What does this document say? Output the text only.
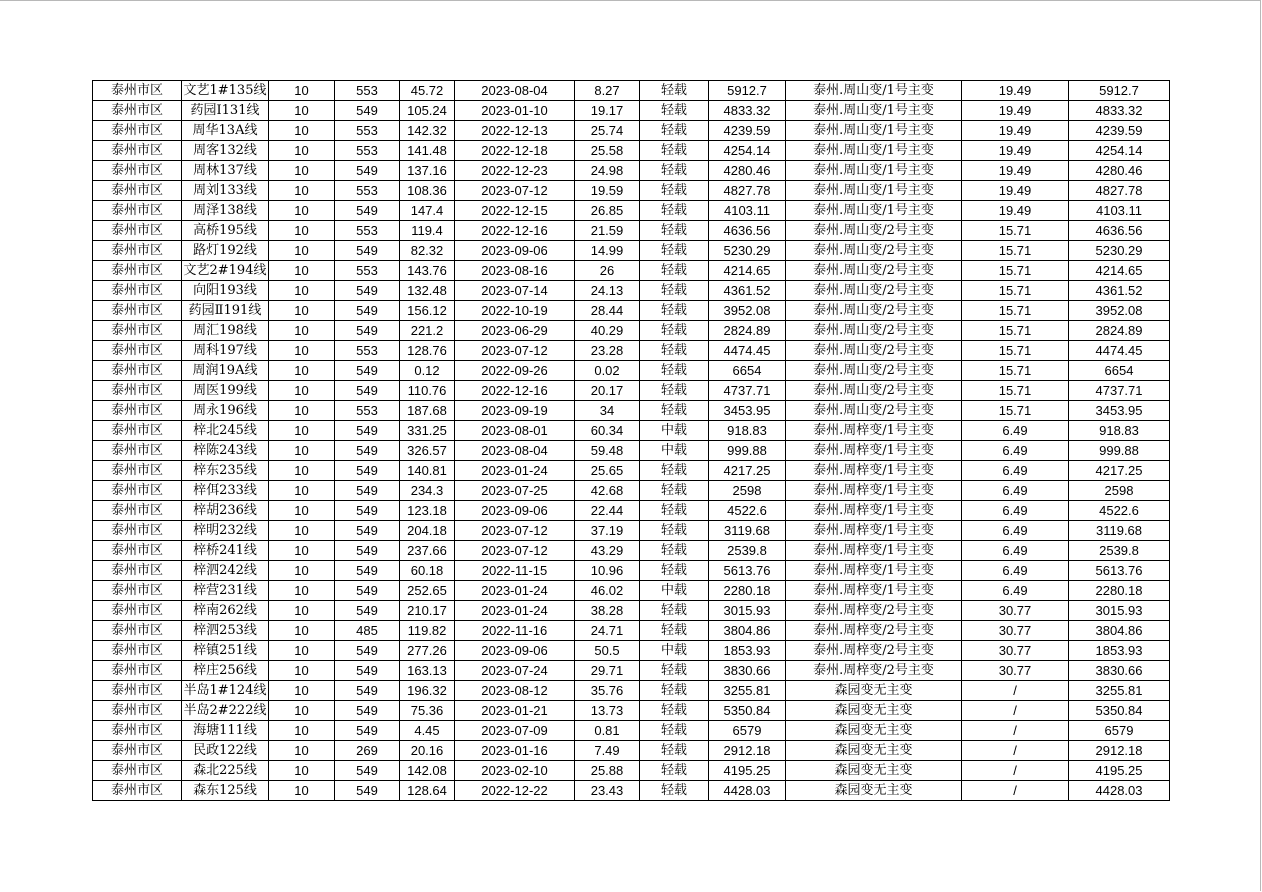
泰州市区	文艺1#135线	10	553	45.72	2023-08-04	8.27	轻载	5912.7	泰州.周山变/1号主变	19.49	5912.7
泰州市区	药园I131线	10	549	105.24	2023-01-10	19.17	轻载	4833.32	泰州.周山变/1号主变	19.49	4833.32
泰州市区	周华13A线	10	553	142.32	2022-12-13	25.74	轻载	4239.59	泰州.周山变/1号主变	19.49	4239.59
泰州市区	周客132线	10	553	141.48	2022-12-18	25.58	轻载	4254.14	泰州.周山变/1号主变	19.49	4254.14
泰州市区	周林137线	10	549	137.16	2022-12-23	24.98	轻载	4280.46	泰州.周山变/1号主变	19.49	4280.46
泰州市区	周刘133线	10	553	108.36	2023-07-12	19.59	轻载	4827.78	泰州.周山变/1号主变	19.49	4827.78
泰州市区	周泽138线	10	549	147.4	2022-12-15	26.85	轻载	4103.11	泰州.周山变/1号主变	19.49	4103.11
泰州市区	高桥195线	10	553	119.4	2022-12-16	21.59	轻载	4636.56	泰州.周山变/2号主变	15.71	4636.56
泰州市区	路灯192线	10	549	82.32	2023-09-06	14.99	轻载	5230.29	泰州.周山变/2号主变	15.71	5230.29
泰州市区	文艺2#194线	10	553	143.76	2023-08-16	26	轻载	4214.65	泰州.周山变/2号主变	15.71	4214.65
泰州市区	向阳193线	10	549	132.48	2023-07-14	24.13	轻载	4361.52	泰州.周山变/2号主变	15.71	4361.52
泰州市区	药园Ⅱ191线	10	549	156.12	2022-10-19	28.44	轻载	3952.08	泰州.周山变/2号主变	15.71	3952.08
泰州市区	周汇198线	10	549	221.2	2023-06-29	40.29	轻载	2824.89	泰州.周山变/2号主变	15.71	2824.89
泰州市区	周科197线	10	553	128.76	2023-07-12	23.28	轻载	4474.45	泰州.周山变/2号主变	15.71	4474.45
泰州市区	周润19A线	10	549	0.12	2022-09-26	0.02	轻载	6654	泰州.周山变/2号主变	15.71	6654
泰州市区	周医199线	10	549	110.76	2022-12-16	20.17	轻载	4737.71	泰州.周山变/2号主变	15.71	4737.71
泰州市区	周永196线	10	553	187.68	2023-09-19	34	轻载	3453.95	泰州.周山变/2号主变	15.71	3453.95
泰州市区	梓北245线	10	549	331.25	2023-08-01	60.34	中载	918.83	泰州.周梓变/1号主变	6.49	918.83
泰州市区	梓陈243线	10	549	326.57	2023-08-04	59.48	中载	999.88	泰州.周梓变/1号主变	6.49	999.88
泰州市区	梓东235线	10	549	140.81	2023-01-24	25.65	轻载	4217.25	泰州.周梓变/1号主变	6.49	4217.25
泰州市区	梓佴233线	10	549	234.3	2023-07-25	42.68	轻载	2598	泰州.周梓变/1号主变	6.49	2598
泰州市区	梓胡236线	10	549	123.18	2023-09-06	22.44	轻载	4522.6	泰州.周梓变/1号主变	6.49	4522.6
泰州市区	梓明232线	10	549	204.18	2023-07-12	37.19	轻载	3119.68	泰州.周梓变/1号主变	6.49	3119.68
泰州市区	梓桥241线	10	549	237.66	2023-07-12	43.29	轻载	2539.8	泰州.周梓变/1号主变	6.49	2539.8
泰州市区	梓泗242线	10	549	60.18	2022-11-15	10.96	轻载	5613.76	泰州.周梓变/1号主变	6.49	5613.76
泰州市区	梓营231线	10	549	252.65	2023-01-24	46.02	中载	2280.18	泰州.周梓变/1号主变	6.49	2280.18
泰州市区	梓南262线	10	549	210.17	2023-01-24	38.28	轻载	3015.93	泰州.周梓变/2号主变	30.77	3015.93
泰州市区	梓泗253线	10	485	119.82	2022-11-16	24.71	轻载	3804.86	泰州.周梓变/2号主变	30.77	3804.86
泰州市区	梓镇251线	10	549	277.26	2023-09-06	50.5	中载	1853.93	泰州.周梓变/2号主变	30.77	1853.93
泰州市区	梓庄256线	10	549	163.13	2023-07-24	29.71	轻载	3830.66	泰州.周梓变/2号主变	30.77	3830.66
泰州市区	半岛1#124线	10	549	196.32	2023-08-12	35.76	轻载	3255.81	森园变无主变	/	3255.81
泰州市区	半岛2#222线	10	549	75.36	2023-01-21	13.73	轻载	5350.84	森园变无主变	/	5350.84
泰州市区	海塘111线	10	549	4.45	2023-07-09	0.81	轻载	6579	森园变无主变	/	6579
泰州市区	民政122线	10	269	20.16	2023-01-16	7.49	轻载	2912.18	森园变无主变	/	2912.18
泰州市区	森北225线	10	549	142.08	2023-02-10	25.88	轻载	4195.25	森园变无主变	/	4195.25
泰州市区	森东125线	10	549	128.64	2022-12-22	23.43	轻载	4428.03	森园变无主变	/	4428.03
